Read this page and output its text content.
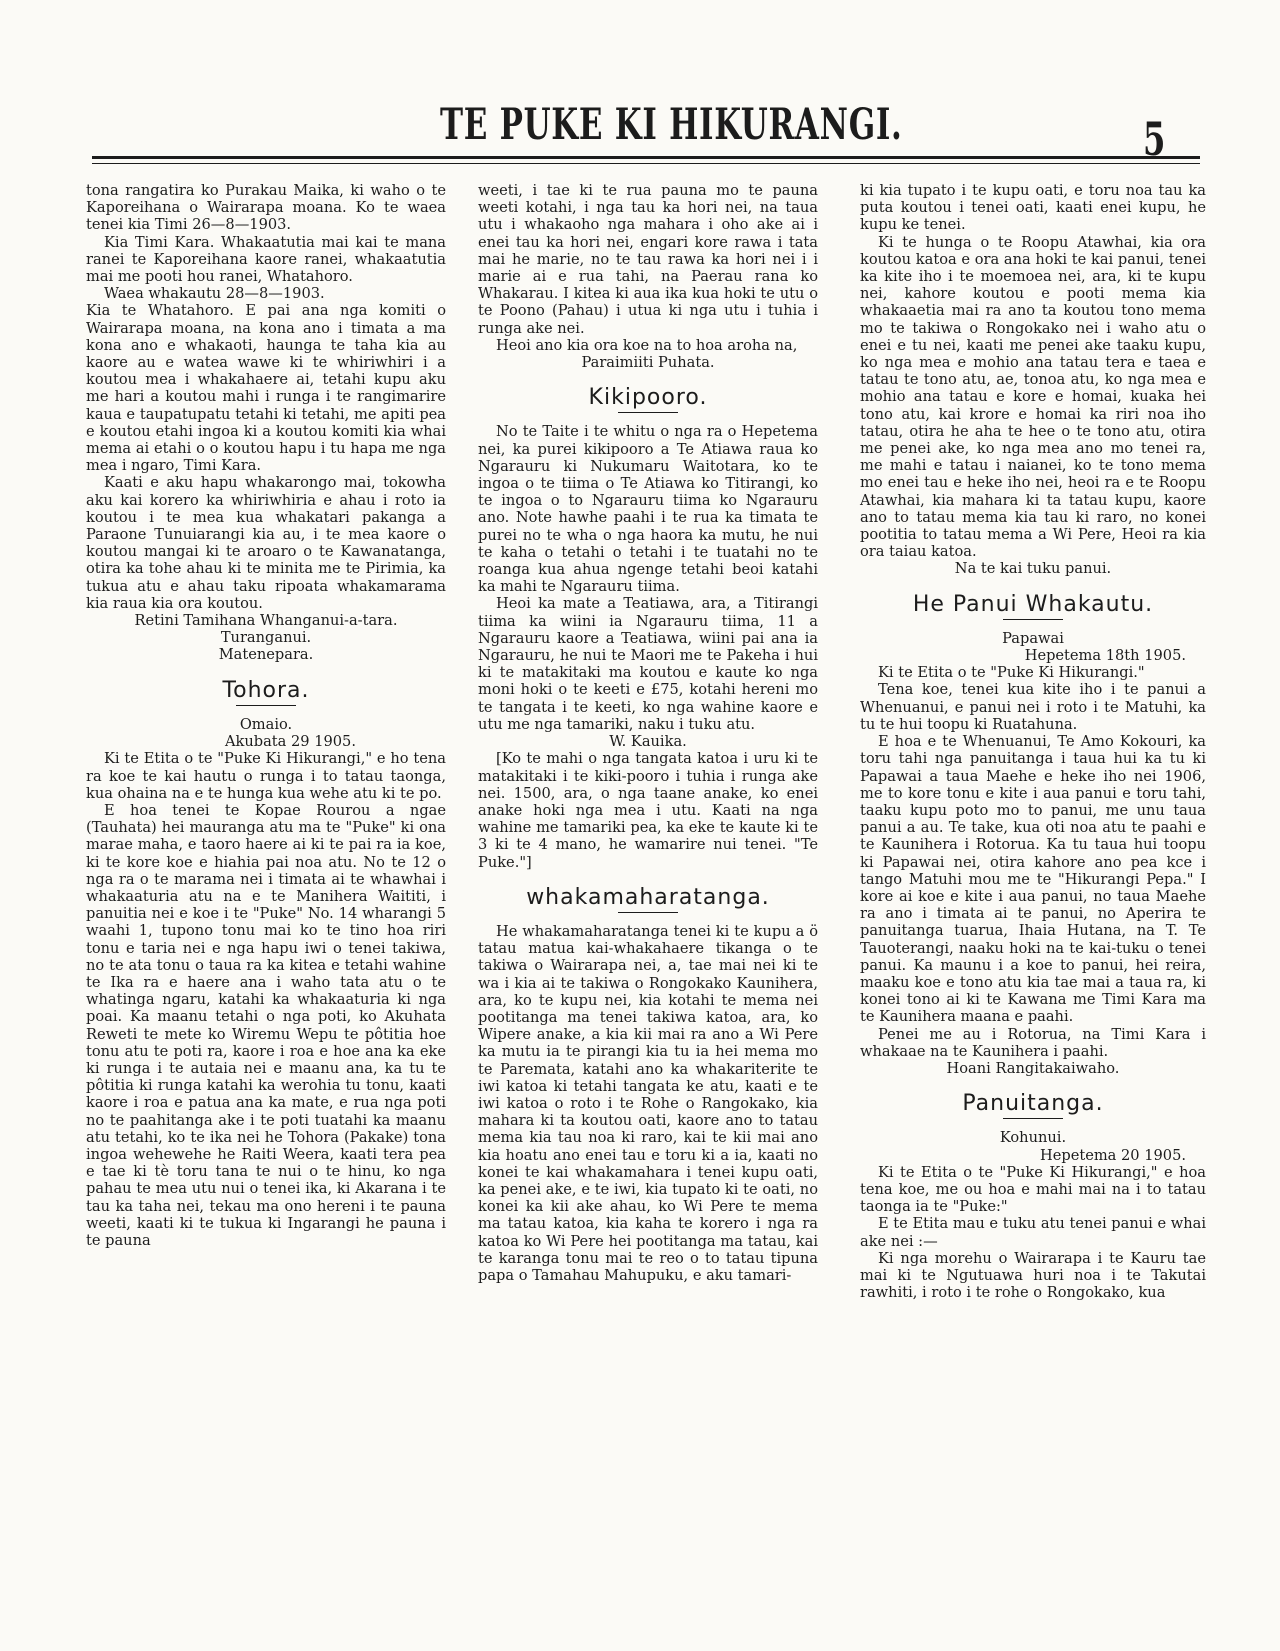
TE PUKE KI HIKURANGI.	5

tona rangatira ko Purakau Maika, ki waho o te Kaporeihana o Wairarapa moana. Ko te waea tenei kia Timi 26—8—1903.

Kia Timi Kara. Whakaatutia mai kai te mana ranei te Kaporeihana kaore ranei, whakaatutia mai me pooti hou ranei, Whatahoro.

Waea whakautu 28—8—1903.

Kia te Whatahoro. E pai ana nga komiti o Wairarapa moana, na kona ano i timata a ma kona ano e whakaoti, haunga te taha kia au kaore au e watea wawe ki te whiriwhiri i a koutou mea i whakahaere ai, tetahi kupu aku me hari a koutou mahi i runga i te rangimarire kaua e taupatupatu tetahi ki tetahi, me apiti pea e koutou etahi ingoa ki a koutou komiti kia whai mema ai etahi o o koutou hapu i tu hapa me nga mea i ngaro, Timi Kara.

Kaati e aku hapu whakarongo mai, tokowha aku kai korero ka whiriwhiria e ahau i roto ia koutou i te mea kua whakatari pakanga a Paraone Tunuiarangi kia au, i te mea kaore o koutou mangai ki te aroaro o te Kawanatanga, otira ka tohe ahau ki te minita me te Pirimia, ka tukua atu e ahau taku ripoata whakamarama kia raua kia ora koutou.

Retini Tamihana Whanganui-a-tara.

Turanganui.

Matenepara.

Tohora.

Omaio.

Akubata 29 1905.

Ki te Etita o te "Puke Ki Hikurangi," e ho tena ra koe te kai hautu o runga i to tatau taonga, kua ohaina na e te hunga kua wehe atu ki te po.

E hoa tenei te Kopae Rourou a ngae (Tauhata) hei mauranga atu ma te "Puke" ki ona marae maha, e taoro haere ai ki te pai ra ia koe, ki te kore koe e hiahia pai noa atu. No te 12 o nga ra o te marama nei i timata ai te whawhai i whakaaturia atu na e te Manihera Waititi, i panuitia nei e koe i te "Puke" No. 14 wharangi 5 waahi 1, tupono tonu mai ko te tino hoa riri tonu e taria nei e nga hapu iwi o tenei takiwa, no te ata tonu o taua ra ka kitea e tetahi wahine te Ika ra e haere ana i waho tata atu o te whatinga ngaru, katahi ka whakaaturia ki nga poai. Ka maanu tetahi o nga poti, ko Akuhata Reweti te mete ko Wiremu Wepu te pôtitia hoe tonu atu te poti ra, kaore i roa e hoe ana ka eke ki runga i te autaia nei e maanu ana, ka tu te pôtitia ki runga katahi ka werohia tu tonu, kaati kaore i roa e patua ana ka mate, e rua nga poti no te paahitanga ake i te poti tuatahi ka maanu atu tetahi, ko te ika nei he Tohora (Pakake) tona ingoa wehewehe he Raiti Weera, kaati tera pea e tae ki tè toru tana te nui o te hinu, ko nga pahau te mea utu nui o tenei ika, ki Akarana i te tau ka taha nei, tekau ma ono hereni i te pauna weeti, kaati ki te tukua ki Ingarangi he pauna i te pauna

weeti, i tae ki te rua pauna mo te pauna weeti kotahi, i nga tau ka hori nei, na taua utu i whakaoho nga mahara i oho ake ai i enei tau ka hori nei, engari kore rawa i tata mai he marie, no te tau rawa ka hori nei i i marie ai e rua tahi, na Paerau rana ko Whakarau. I kitea ki aua ika kua hoki te utu o te Poono (Pahau) i utua ki nga utu i tuhia i runga ake nei.

Heoi ano kia ora koe na to hoa aroha na,

Paraimiiti Puhata.

Kikipooro.

No te Taite i te whitu o nga ra o Hepetema nei, ka purei kikipooro a Te Atiawa raua ko Ngarauru ki Nukumaru Waitotara, ko te ingoa o te tiima o Te Atiawa ko Titirangi, ko te ingoa o to Ngarauru tiima ko Ngarauru ano. Note hawhe paahi i te rua ka timata te purei no te wha o nga haora ka mutu, he nui te kaha o tetahi o tetahi i te tuatahi no te roanga kua ahua ngenge tetahi beoi katahi ka mahi te Ngarauru tiima.

Heoi ka mate a Teatiawa, ara, a Titirangi tiima ka wiini ia Ngarauru tiima, 11 a Ngarauru kaore a Teatiawa, wiini pai ana ia Ngarauru, he nui te Maori me te Pakeha i hui ki te matakitaki ma koutou e kaute ko nga moni hoki o te keeti e £75, kotahi hereni mo te tangata i te keeti, ko nga wahine kaore e utu me nga tamariki, naku i tuku atu.

W. Kauika.

[Ko te mahi o nga tangata katoa i uru ki te matakitaki i te kiki-pooro i tuhia i runga ake nei. 1500, ara, o nga taane anake, ko enei anake hoki nga mea i utu. Kaati na nga wahine me tamariki pea, ka eke te kaute ki te 3 ki te 4 mano, he wamarire nui tenei. "Te Puke."]

whakamaharatanga.

He whakamaharatanga tenei ki te kupu a ö tatau matua kai-whakahaere tikanga o te takiwa o Wairarapa nei, a, tae mai nei ki te wa i kia ai te takiwa o Rongokako Kaunihera, ara, ko te kupu nei, kia kotahi te mema nei pootitanga ma tenei takiwa katoa, ara, ko Wipere anake, a kia kii mai ra ano a Wi Pere ka mutu ia te pirangi kia tu ia hei mema mo te Paremata, katahi ano ka whakariterite te iwi katoa ki tetahi tangata ke atu, kaati e te iwi katoa o roto i te Rohe o Rangokako, kia mahara ki ta koutou oati, kaore ano to tatau mema kia tau noa ki raro, kai te kii mai ano kia hoatu ano enei tau e toru ki a ia, kaati no konei te kai whakamahara i tenei kupu oati, ka penei ake, e te iwi, kia tupato ki te oati, no konei ka kii ake ahau, ko Wi Pere te mema ma tatau katoa, kia kaha te korero i nga ra katoa ko Wi Pere hei pootitanga ma tatau, kai te karanga tonu mai te reo o to tatau tipuna papa o Tamahau Mahupuku, e aku tamari-

ki kia tupato i te kupu oati, e toru noa tau ka puta koutou i tenei oati, kaati enei kupu, he kupu ke tenei.

Ki te hunga o te Roopu Atawhai, kia ora koutou katoa e ora ana hoki te kai panui, tenei ka kite iho i te moemoea nei, ara, ki te kupu nei, kahore koutou e pooti mema kia whakaaetia mai ra ano ta koutou tono mema mo te takiwa o Rongokako nei i waho atu o enei e tu nei, kaati me penei ake taaku kupu, ko nga mea e mohio ana tatau tera e taea e tatau te tono atu, ae, tonoa atu, ko nga mea e mohio ana tatau e kore e homai, kuaka hei tono atu, kai krore e homai ka riri noa iho tatau, otira he aha te hee o te tono atu, otira me penei ake, ko nga mea ano mo tenei ra, me mahi e tatau i naianei, ko te tono mema mo enei tau e heke iho nei, heoi ra e te Roopu Atawhai, kia mahara ki ta tatau kupu, kaore ano to tatau mema kia tau ki raro, no konei pootitia to tatau mema a Wi Pere, Heoi ra kia ora taiau katoa.

Na te kai tuku panui.

He Panui Whakautu.

Papawai

Hepetema 18th 1905.

Ki te Etita o te "Puke Ki Hikurangi."

Tena koe, tenei kua kite iho i te panui a Whenuanui, e panui nei i roto i te Matuhi, ka tu te hui toopu ki Ruatahuna.

E hoa e te Whenuanui, Te Amo Kokouri, ka toru tahi nga panuitanga i taua hui ka tu ki Papawai a taua Maehe e heke iho nei 1906, me to kore tonu e kite i aua panui e toru tahi, taaku kupu poto mo to panui, me unu taua panui a au. Te take, kua oti noa atu te paahi e te Kaunihera i Rotorua. Ka tu taua hui toopu ki Papawai nei, otira kahore ano pea kce i tango Matuhi mou me te "Hikurangi Pepa." I kore ai koe e kite i aua panui, no taua Maehe ra ano i timata ai te panui, no Aperira te panuitanga tuarua, Ihaia Hutana, na T. Te Tauoterangi, naaku hoki na te kai-tuku o tenei panui. Ka maunu i a koe to panui, hei reira, maaku koe e tono atu kia tae mai a taua ra, ki konei tono ai ki te Kawana me Timi Kara ma te Kaunihera maana e paahi.

Penei me au i Rotorua, na Timi Kara i whakaae na te Kaunihera i paahi.

Hoani Rangitakaiwaho.

Panuitanga.

Kohunui.

Hepetema 20 1905.

Ki te Etita o te "Puke Ki Hikurangi," e hoa tena koe, me ou hoa e mahi mai na i to tatau taonga ia te "Puke:"

E te Etita mau e tuku atu tenei panui e whai ake nei :—

Ki nga morehu o Wairarapa i te Kauru tae mai ki te Ngutuawa huri noa i te Takutai rawhiti, i roto i te rohe o Rongokako, kua
